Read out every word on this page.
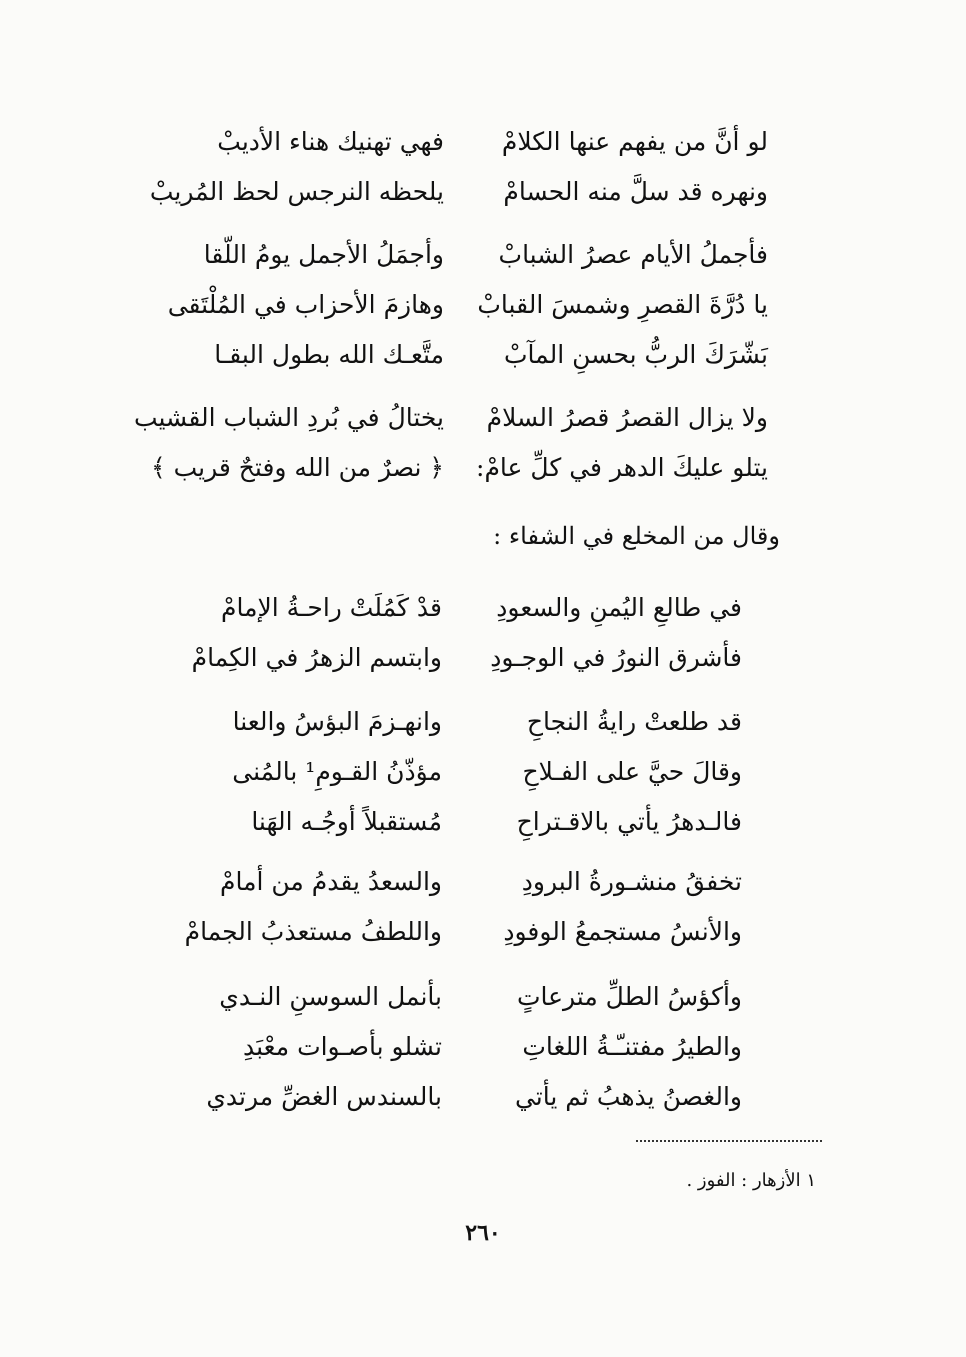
لو أنَّ من يفهم عنها الكلامْ
فهي تهنيك هناء الأديبْ
ونهره قد سلَّ منه الحسامْ
يلحظه النرجس لحظ المُريبْ
فأجملُ الأيام عصرُ الشبابْ
وأجمَلُ الأجمل يومُ اللّقا
يا دُرَّةَ القصرِ وشمسَ القبابْ
وهازمَ الأحزاب في المُلْتَقى
بَشّرَكَ الربُّ بحسنِ المآبْ
متَّعـك الله بطول البقـا
ولا يزال القصرُ قصرُ السلامْ
يختالُ في بُردِ الشباب القشيب
يتلو عليكَ الدهر في كلِّ عامْ:
﴿ نصرٌ من الله وفتحٌ قريب ﴾
وقال من المخلع في الشفاء :
في طالعِ اليُمنِ والسعودِ
قدْ كَمُلَتْ راحـةُ الإمامْ
فأشرق النورُ في الوجـودِ
وابتسم الزهرُ في الكِمامْ
قد طلعتْ رايةُ النجاحِ
وانهـزمَ البؤسُ والعنا
وقالَ حيَّ على الفـلاحِ
مؤذّنُ القـومِ¹ بالمُنى
فالـدهرُ يأتي بالاقـتراحِ
مُستقبلاً أوجُـه الهَنا
تخفقُ منشـورةُ البرودِ
والسعدُ يقدمُ من أمامْ
والأنسُ مستجمعُ الوفودِ
واللطفُ مستعذبُ الجمامْ
وأكؤسُ الطلِّ مترعاتٍ
بأنمل السوسنِ النـدي
والطيرُ مفتنـّـةُ اللغاتِ
تشلو بأصـوات معْبَدِ
والغصنُ يذهبُ ثم يأتي
بالسندس الغضِّ مرتدي
١ الأزهار : الفوز .
٢٦٠
